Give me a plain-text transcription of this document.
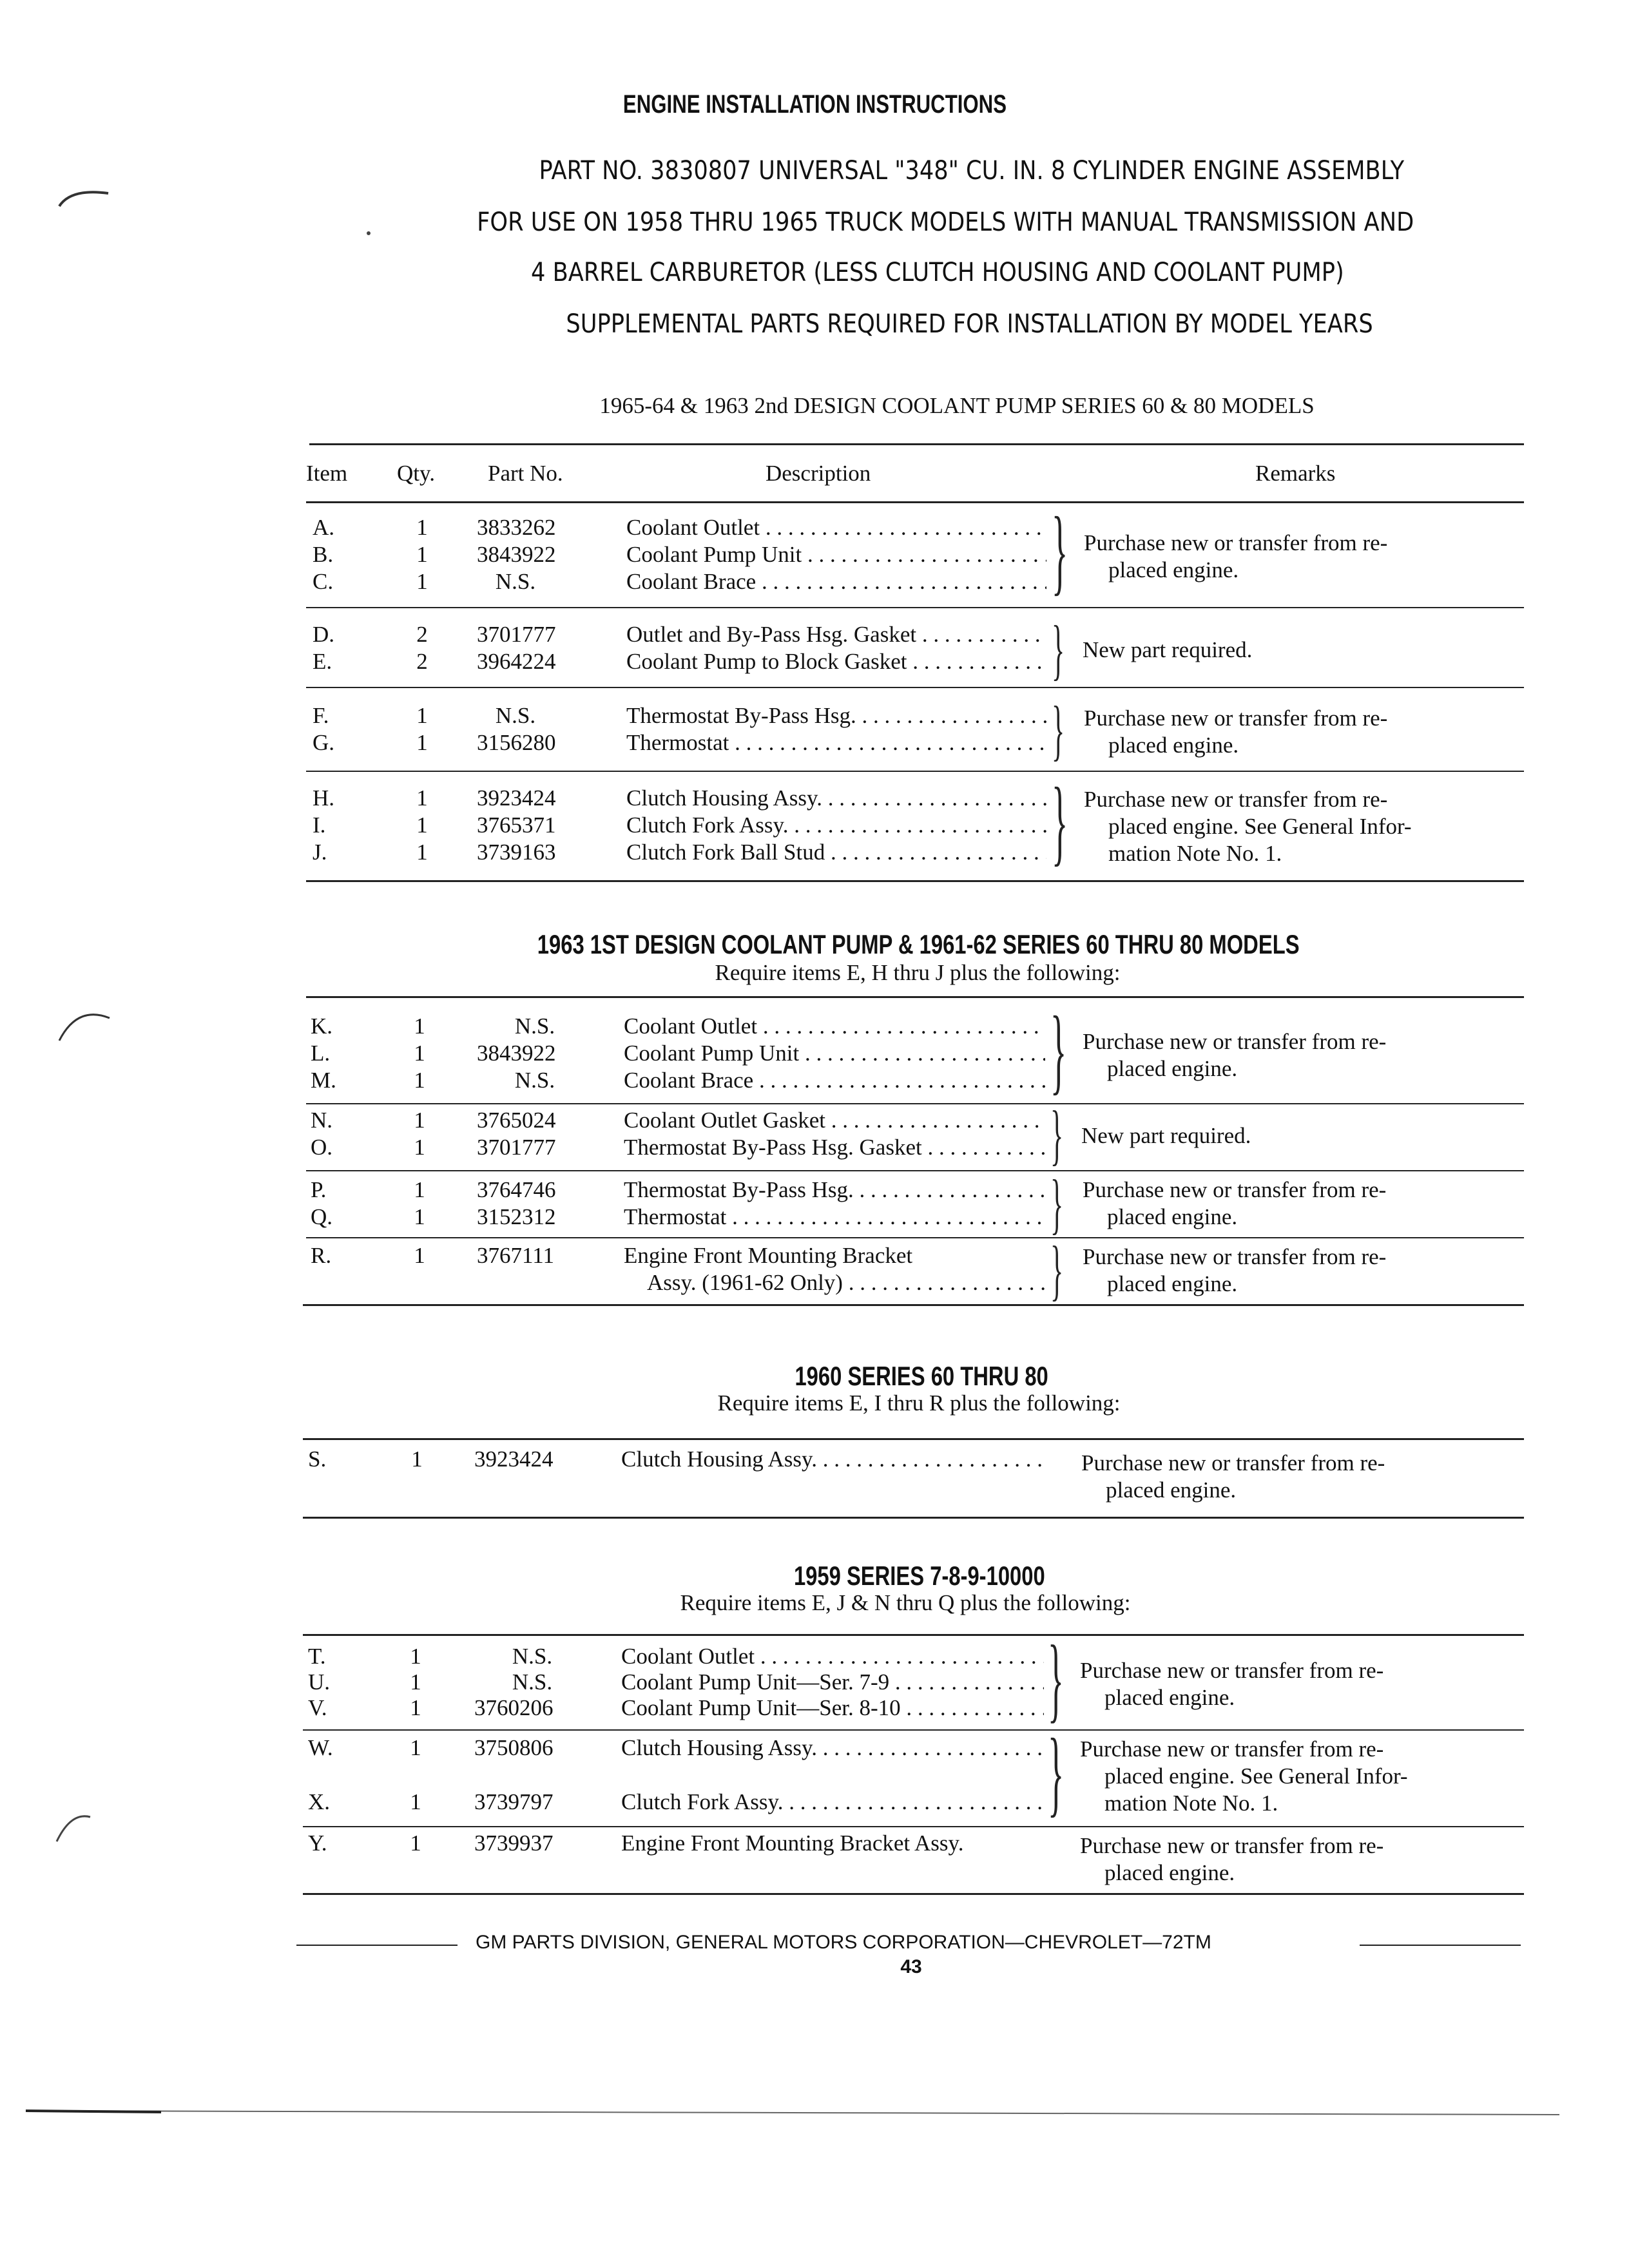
ENGINE INSTALLATION INSTRUCTIONS
PART NO. 3830807 UNIVERSAL "348" CU. IN. 8 CYLINDER ENGINE ASSEMBLY
FOR USE ON 1958 THRU 1965 TRUCK MODELS WITH MANUAL TRANSMISSION AND
4 BARREL CARBURETOR (LESS CLUTCH HOUSING AND COOLANT PUMP)
SUPPLEMENTAL PARTS REQUIRED FOR INSTALLATION BY MODEL YEARS
1965-64 & 1963 2nd DESIGN COOLANT PUMP SERIES 60 & 80 MODELS
Item Qty. Part No.	Description	Remarks
A.	1 3833262	Coolant Outlet . . .
B.	1 3843922	Coolant Pump Unit . . .
C.	1	N.S.	Coolant Brace . . .	} Purchase new or transfer from re-
placed engine.
D.	2 3701777	Outlet and By-Pass Hsg. Gasket . . .
E.	2 3964224	Coolant Pump to Block Gasket . . .	} New part required.
F.	1	N.S.	Thermostat By-Pass Hsg. . . .
G.	1 3156280	Thermostat . . .	} Purchase new or transfer from re-
placed engine.
H.	1 3923424	Clutch Housing Assy. . . .
I.	1 3765371	Clutch Fork Assy. . . .
J.	1 3739163	Clutch Fork Ball Stud . . .	} Purchase new or transfer from re-
placed engine. See General Infor-
mation Note No. 1.
1963 1ST DESIGN COOLANT PUMP & 1961-62 SERIES 60 THRU 80 MODELS
Require items E, H thru J plus the following:
K.	1	N.S.	Coolant Outlet . . .
L.	1 3843922	Coolant Pump Unit . . .
M.	1	N.S.	Coolant Brace . . .	} Purchase new or transfer from re-
placed engine.
N.	1 3765024	Coolant Outlet Gasket . . .
O.	1 3701777	Thermostat By-Pass Hsg. Gasket . . .	} New part required.
P.	1 3764746	Thermostat By-Pass Hsg. . . .
Q.	1 3152312	Thermostat . . .	} Purchase new or transfer from re-
placed engine.
R.	1 3767111	Engine Front Mounting Bracket
Assy. (1961-62 Only) . . .	} Purchase new or transfer from re-
placed engine.
1960 SERIES 60 THRU 80
Require items E, I thru R plus the following:
S.	1 3923424	Clutch Housing Assy. . . .	Purchase new or transfer from re-
placed engine.
1959 SERIES 7-8-9-10000
Require items E, J & N thru Q plus the following:
T.	1	N.S.	Coolant Outlet . . .
U.	1	N.S.	Coolant Pump Unit—Ser. 7-9 . . .
V.	1 3760206	Coolant Pump Unit—Ser. 8-10 . . .	} Purchase new or transfer from re-
placed engine.
W.	1 3750806	Clutch Housing Assy. . . .
X.	1 3739797	Clutch Fork Assy. . . .	} Purchase new or transfer from re-
placed engine. See General Infor-
mation Note No. 1.
Y.	1 3739937	Engine Front Mounting Bracket Assy.	Purchase new or transfer from re-
placed engine.
GM PARTS DIVISION, GENERAL MOTORS CORPORATION—CHEVROLET—72TM
43
